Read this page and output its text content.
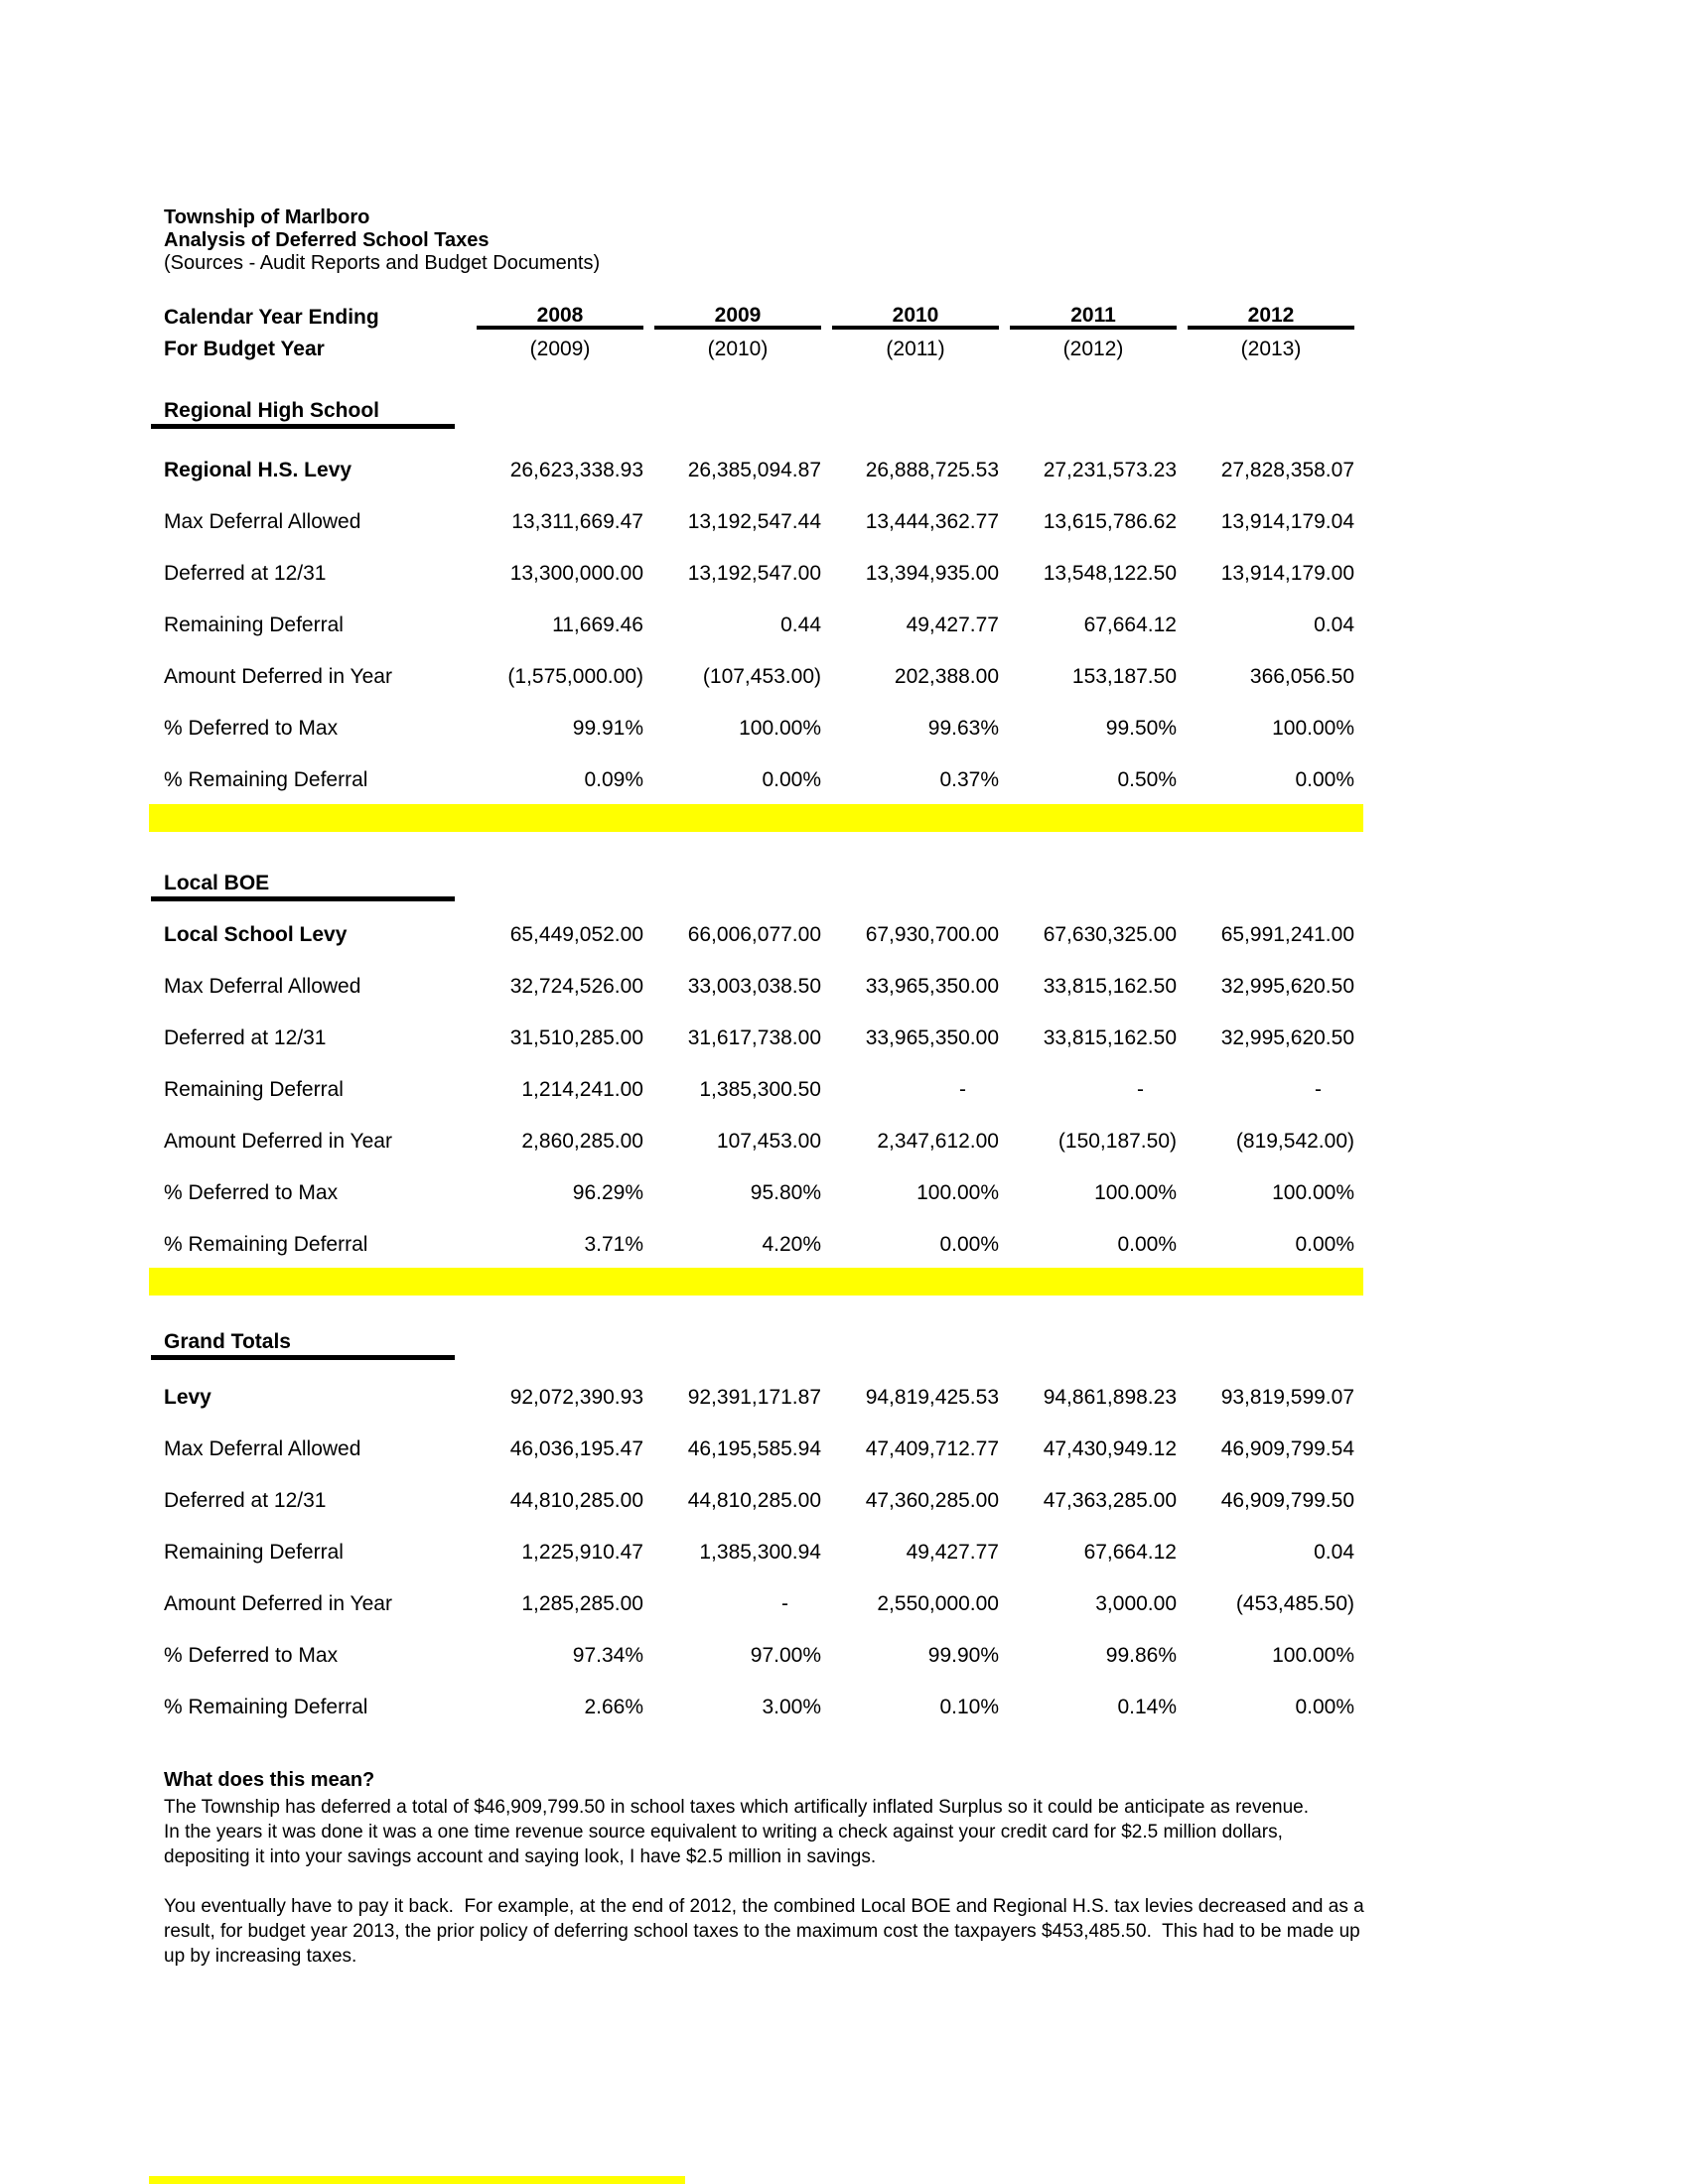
Township of Marlboro
Analysis of Deferred School Taxes
(Sources - Audit Reports and Budget Documents)
Calendar Year Ending	2008	2009	2010	2011	2012
For Budget Year	(2009)	(2010)	(2011)	(2012)	(2013)
Regional High School
Regional H.S. Levy	26,623,338.93	26,385,094.87	26,888,725.53	27,231,573.23	27,828,358.07
Max Deferral Allowed	13,311,669.47	13,192,547.44	13,444,362.77	13,615,786.62	13,914,179.04
Deferred at 12/31	13,300,000.00	13,192,547.00	13,394,935.00	13,548,122.50	13,914,179.00
Remaining Deferral	11,669.46	0.44	49,427.77	67,664.12	0.04
Amount Deferred in Year	(1,575,000.00)	(107,453.00)	202,388.00	153,187.50	366,056.50
% Deferred to Max	99.91%	100.00%	99.63%	99.50%	100.00%
% Remaining Deferral	0.09%	0.00%	0.37%	0.50%	0.00%
Local BOE
Local School Levy	65,449,052.00	66,006,077.00	67,930,700.00	67,630,325.00	65,991,241.00
Max Deferral Allowed	32,724,526.00	33,003,038.50	33,965,350.00	33,815,162.50	32,995,620.50
Deferred at 12/31	31,510,285.00	31,617,738.00	33,965,350.00	33,815,162.50	32,995,620.50
Remaining Deferral	1,214,241.00	1,385,300.50	-	-	-
Amount Deferred in Year	2,860,285.00	107,453.00	2,347,612.00	(150,187.50)	(819,542.00)
% Deferred to Max	96.29%	95.80%	100.00%	100.00%	100.00%
% Remaining Deferral	3.71%	4.20%	0.00%	0.00%	0.00%
Grand Totals
Levy	92,072,390.93	92,391,171.87	94,819,425.53	94,861,898.23	93,819,599.07
Max Deferral Allowed	46,036,195.47	46,195,585.94	47,409,712.77	47,430,949.12	46,909,799.54
Deferred at 12/31	44,810,285.00	44,810,285.00	47,360,285.00	47,363,285.00	46,909,799.50
Remaining Deferral	1,225,910.47	1,385,300.94	49,427.77	67,664.12	0.04
Amount Deferred in Year	1,285,285.00	-	2,550,000.00	3,000.00	(453,485.50)
% Deferred to Max	97.34%	97.00%	99.90%	99.86%	100.00%
% Remaining Deferral	2.66%	3.00%	0.10%	0.14%	0.00%
What does this mean?
The Township has deferred a total of $46,909,799.50 in school taxes which artifically inflated Surplus so it could be anticipate as revenue.
In the years it was done it was a one time revenue source equivalent to writing a check against your credit card for $2.5 million dollars,
depositing it into your savings account and saying look, I have $2.5 million in savings.
You eventually have to pay it back.  For example, at the end of 2012, the combined Local BOE and Regional H.S. tax levies decreased and as a
result, for budget year 2013, the prior policy of deferring school taxes to the maximum cost the taxpayers $453,485.50.  This had to be made up
up by increasing taxes.
